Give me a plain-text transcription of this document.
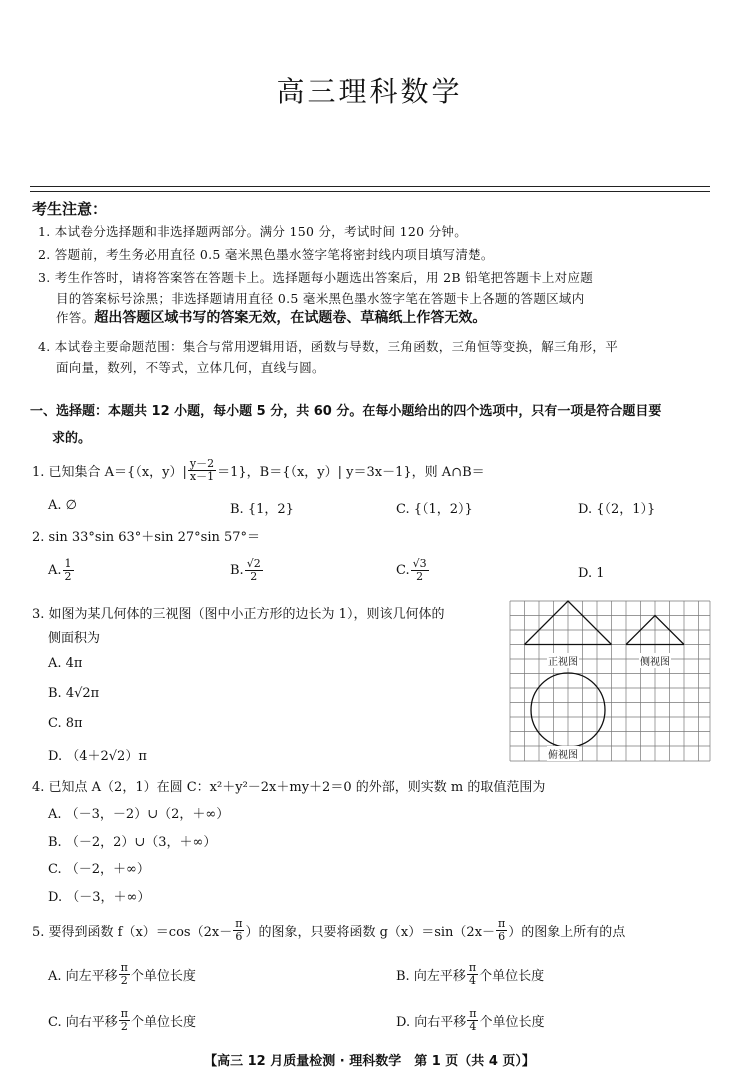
高三理科数学
考生注意：
1. 本试卷分选择题和非选择题两部分。满分 150 分，考试时间 120 分钟。
2. 答题前，考生务必用直径 0.5 毫米黑色墨水签字笔将密封线内项目填写清楚。
3. 考生作答时，请将答案答在答题卡上。选择题每小题选出答案后，用 2B 铅笔把答题卡上对应题
目的答案标号涂黑；非选择题请用直径 0.5 毫米黑色墨水签字笔在答题卡上各题的答题区域内
作答。超出答题区域书写的答案无效，在试题卷、草稿纸上作答无效。
4. 本试卷主要命题范围：集合与常用逻辑用语，函数与导数，三角函数，三角恒等变换，解三角形，平
面向量，数列，不等式，立体几何，直线与圆。
一、选择题：本题共 12 小题，每小题 5 分，共 60 分。在每小题给出的四个选项中，只有一项是符合题目要
求的。
1. 已知集合 A＝{（x，$y)| \frac{y-2}{x-1} =1$}，B＝{（x，y）| y＝3x－1}，则 A∩B＝
A. ∅	B. {1，2}	C. {（1，2）}	D. {（2，1）}
2. sin 33°sin 63°＋sin 27°sin 57°＝
A. $\frac{1}{2}$	B. $\frac{√2}{2}$	C. $\frac{√3}{2}$	D. 1
3. 如图为某几何体的三视图（图中小正方形的边长为 1），则该几何体的
侧面积为
A. 4π
B. 4√2π
C. 8π
D. （4＋2√2）π
正视图	侧视图
俯视图
4. 已知点 A（2，1）在圆 C：x²＋y²－2x＋my＋2＝0 的外部，则实数 m 的取值范围为
A. （－3，－2）∪（2，＋∞）
B. （－2，2）∪（3，＋∞）
C. （－2，＋∞）
D. （－3，＋∞）
5. 要得到函数 $f(x)=\cos(2x- \frac{\pi}{6}$ ）的图象，只要将函数 $g(x)=\sin(2x- \frac{\pi}{6}$ ）的图象上所有的点
A. 向左平移 $\frac{\pi}{2}$ 个单位长度	B. 向左平移 $\frac{\pi}{4}$ 个单位长度
C. 向右平移 $\frac{\pi}{2}$ 个单位长度	D. 向右平移 $\frac{\pi}{4}$ 个单位长度
【高三 12 月质量检测 · 理科数学　第 1 页（共 4 页）】
